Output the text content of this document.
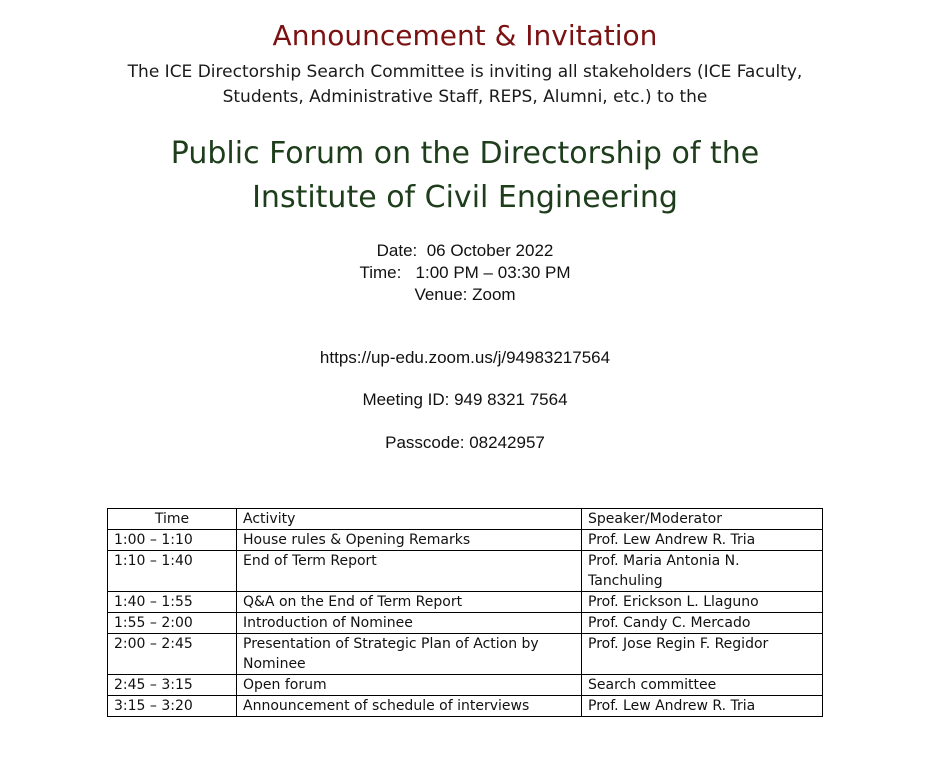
Announcement & Invitation
The ICE Directorship Search Committee is inviting all stakeholders (ICE Faculty,
Students, Administrative Staff, REPS, Alumni, etc.) to the
Public Forum on the Directorship of the
Institute of Civil Engineering
Date:  06 October 2022
Time:   1:00 PM – 03:30 PM
Venue: Zoom
https://up-edu.zoom.us/j/94983217564
Meeting ID: 949 8321 7564
Passcode: 08242957
Time	Activity	Speaker/Moderator
1:00 – 1:10	House rules & Opening Remarks	Prof. Lew Andrew R. Tria
1:10 – 1:40	End of Term Report	Prof. Maria Antonia N. Tanchuling
1:40 – 1:55	Q&A on the End of Term Report	Prof. Erickson L. Llaguno
1:55 – 2:00	Introduction of Nominee	Prof. Candy C. Mercado
2:00 – 2:45	Presentation of Strategic Plan of Action by Nominee	Prof. Jose Regin F. Regidor
2:45 – 3:15	Open forum	Search committee
3:15 – 3:20	Announcement of schedule of interviews	Prof. Lew Andrew R. Tria
